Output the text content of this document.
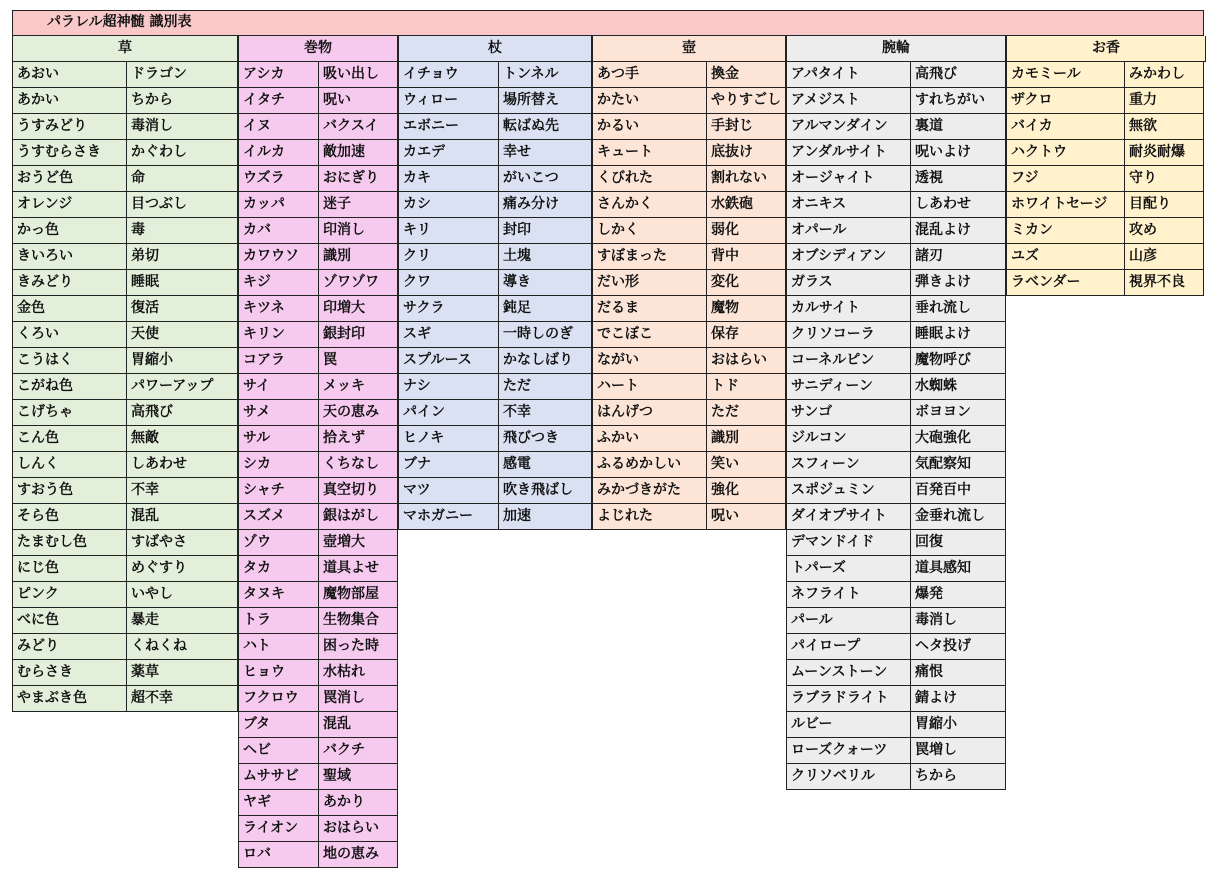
パラレル超神髄 識別表
草
あおい	ドラゴン
あかい	ちから
うすみどり	毒消し
うすむらさき	かぐわし
おうど色	命
オレンジ	目つぶし
かっ色	毒
きいろい	弟切
きみどり	睡眠
金色	復活
くろい	天使
こうはく	胃縮小
こがね色	パワーアップ
こげちゃ	高飛び
こん色	無敵
しんく	しあわせ
すおう色	不幸
そら色	混乱
たまむし色	すばやさ
にじ色	めぐすり
ピンク	いやし
べに色	暴走
みどり	くねくね
むらさき	薬草
やまぶき色	超不幸
巻物
アシカ	吸い出し
イタチ	呪い
イヌ	バクスイ
イルカ	敵加速
ウズラ	おにぎり
カッパ	迷子
カバ	印消し
カワウソ	識別
キジ	ゾワゾワ
キツネ	印増大
キリン	銀封印
コアラ	罠
サイ	メッキ
サメ	天の恵み
サル	拾えず
シカ	くちなし
シャチ	真空切り
スズメ	銀はがし
ゾウ	壺増大
タカ	道具よせ
タヌキ	魔物部屋
トラ	生物集合
ハト	困った時
ヒョウ	水枯れ
フクロウ	罠消し
ブタ	混乱
ヘビ	バクチ
ムササビ	聖域
ヤギ	あかり
ライオン	おはらい
ロバ	地の恵み
杖
イチョウ	トンネル
ウィロー	場所替え
エボニー	転ばぬ先
カエデ	幸せ
カキ	がいこつ
カシ	痛み分け
キリ	封印
クリ	土塊
クワ	導き
サクラ	鈍足
スギ	一時しのぎ
スプルース	かなしばり
ナシ	ただ
パイン	不幸
ヒノキ	飛びつき
ブナ	感電
マツ	吹き飛ばし
マホガニー	加速
壺
あつ手	換金
かたい	やりすごし
かるい	手封じ
キュート	底抜け
くびれた	割れない
さんかく	水鉄砲
しかく	弱化
すぼまった	背中
だい形	変化
だるま	魔物
でこぼこ	保存
ながい	おはらい
ハート	トド
はんげつ	ただ
ふかい	識別
ふるめかしい	笑い
みかづきがた	強化
よじれた	呪い
腕輪
アパタイト	高飛び
アメジスト	すれちがい
アルマンダイン	裏道
アンダルサイト	呪いよけ
オージャイト	透視
オニキス	しあわせ
オパール	混乱よけ
オブシディアン	諸刃
ガラス	弾きよけ
カルサイト	垂れ流し
クリソコーラ	睡眠よけ
コーネルピン	魔物呼び
サニディーン	水蜘蛛
サンゴ	ボヨヨン
ジルコン	大砲強化
スフィーン	気配察知
スポジュミン	百発百中
ダイオプサイト	金垂れ流し
デマンドイド	回復
トパーズ	道具感知
ネフライト	爆発
パール	毒消し
パイロープ	ヘタ投げ
ムーンストーン	痛恨
ラブラドライト	錆よけ
ルビー	胃縮小
ローズクォーツ	罠増し
クリソベリル	ちから
お香
カモミール	みかわし
ザクロ	重力
バイカ	無欲
ハクトウ	耐炎耐爆
フジ	守り
ホワイトセージ	目配り
ミカン	攻め
ユズ	山彦
ラベンダー	視界不良
